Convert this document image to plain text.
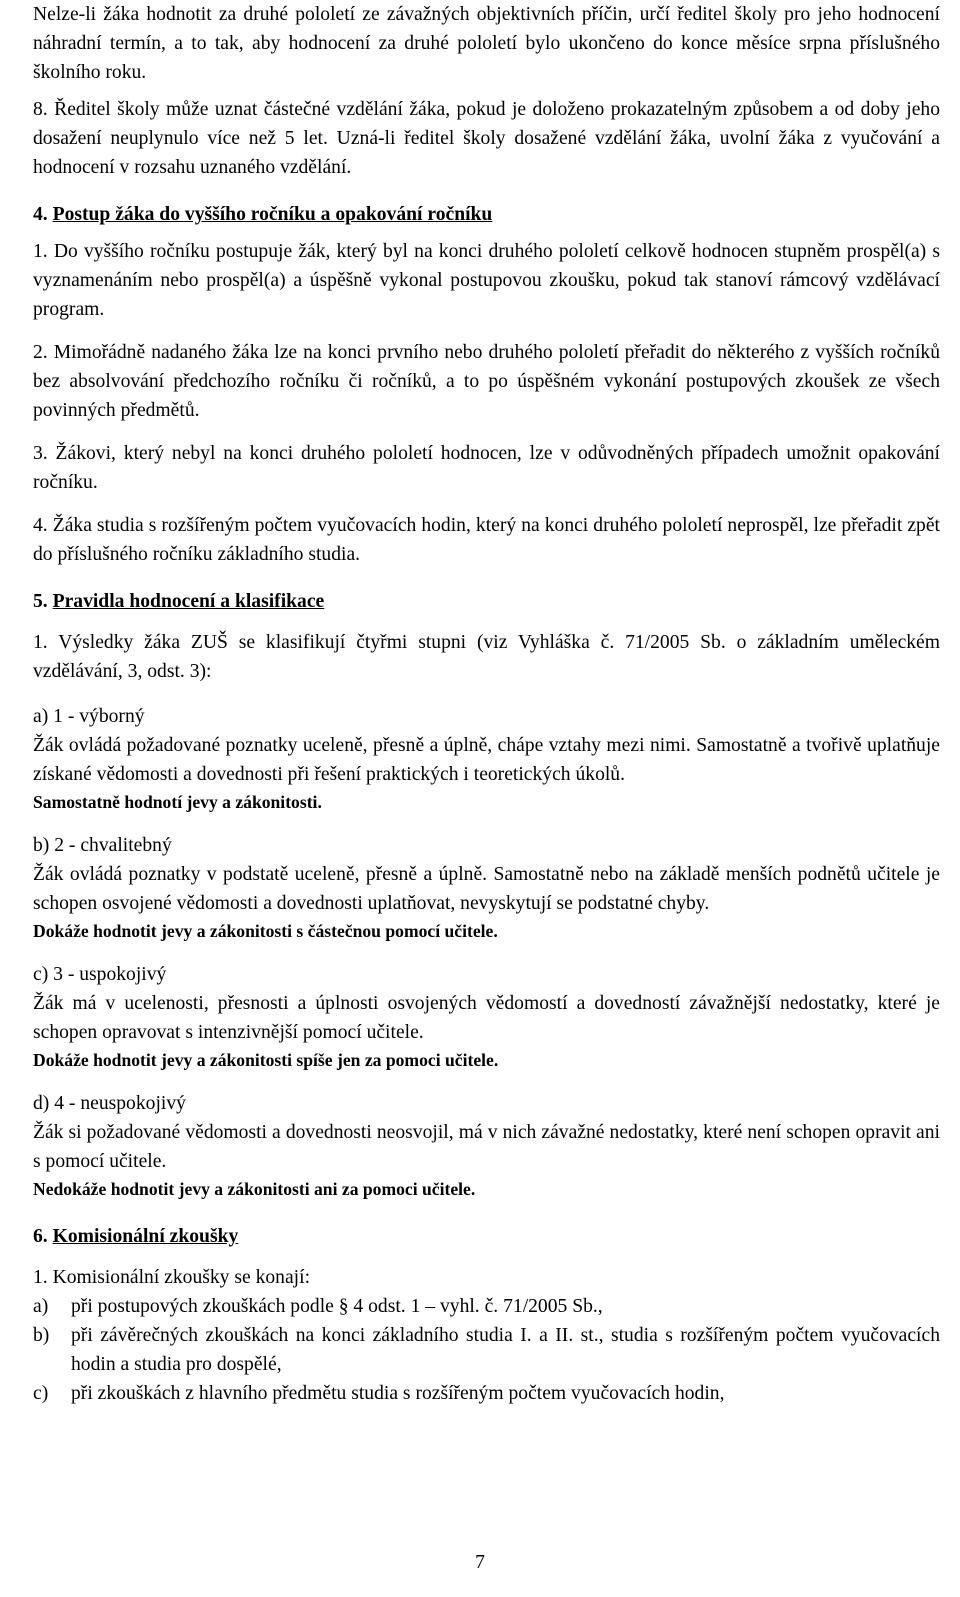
Nelze-li žáka hodnotit za druhé pololetí ze závažných objektivních příčin, určí ředitel školy pro jeho hodnocení náhradní termín, a to tak, aby hodnocení za druhé pololetí bylo ukončeno do konce měsíce srpna příslušného školního roku.

8. Ředitel školy může uznat částečné vzdělání žáka, pokud je doloženo prokazatelným způsobem a od doby jeho dosažení neuplynulo více než 5 let. Uzná-li ředitel školy dosažené vzdělání žáka, uvolní žáka z vyučování a hodnocení v rozsahu uznaného vzdělání.

4. Postup žáka do vyššího ročníku a opakování ročníku

1. Do vyššího ročníku postupuje žák, který byl na konci druhého pololetí celkově hodnocen stupněm prospěl(a) s vyznamenáním nebo prospěl(a) a úspěšně vykonal postupovou zkoušku, pokud tak stanoví rámcový vzdělávací program.

2. Mimořádně nadaného žáka lze na konci prvního nebo druhého pololetí přeřadit do některého z vyšších ročníků bez absolvování předchozího ročníku či ročníků, a to po úspěšném vykonání postupových zkoušek ze všech povinných předmětů.

3. Žákovi, který nebyl na konci druhého pololetí hodnocen, lze v odůvodněných případech umožnit opakování ročníku.

4. Žáka studia s rozšířeným počtem vyučovacích hodin, který na konci druhého pololetí neprospěl, lze přeřadit zpět do příslušného ročníku základního studia.

5. Pravidla hodnocení a klasifikace

1. Výsledky žáka ZUŠ se klasifikují čtyřmi stupni (viz Vyhláška č. 71/2005 Sb. o základním uměleckém vzdělávání, 3, odst. 3):

a) 1 - výborný

Žák ovládá požadované poznatky uceleně, přesně a úplně, chápe vztahy mezi nimi. Samostatně a tvořivě uplatňuje získané vědomosti a dovednosti při řešení praktických i teoretických úkolů.

Samostatně hodnotí jevy a zákonitosti.

b) 2 - chvalitebný

Žák ovládá poznatky v podstatě uceleně, přesně a úplně. Samostatně nebo na základě menších podnětů učitele je schopen osvojené vědomosti a dovednosti uplatňovat, nevyskytují se podstatné chyby.

Dokáže hodnotit jevy a zákonitosti s částečnou pomocí učitele.

c) 3 - uspokojivý

Žák má v ucelenosti, přesnosti a úplnosti osvojených vědomostí a dovedností závažnější nedostatky, které je schopen opravovat s intenzivnější pomocí učitele.

Dokáže hodnotit jevy a zákonitosti spíše jen za pomoci učitele.

d) 4 - neuspokojivý

Žák si požadované vědomosti a dovednosti neosvojil, má v nich závažné nedostatky, které není schopen opravit ani s pomocí učitele.

Nedokáže hodnotit jevy a zákonitosti ani za pomoci učitele.

6. Komisionální zkoušky

1. Komisionální zkoušky se konají:

a)	při postupových zkouškách podle § 4 odst. 1 – vyhl. č. 71/2005 Sb.,
b)	při závěrečných zkouškách na konci základního studia I. a II. st., studia s rozšířeným počtem vyučovacích hodin a studia pro dospělé,
c)	při zkouškách z hlavního předmětu studia s rozšířeným počtem vyučovacích hodin,
7
